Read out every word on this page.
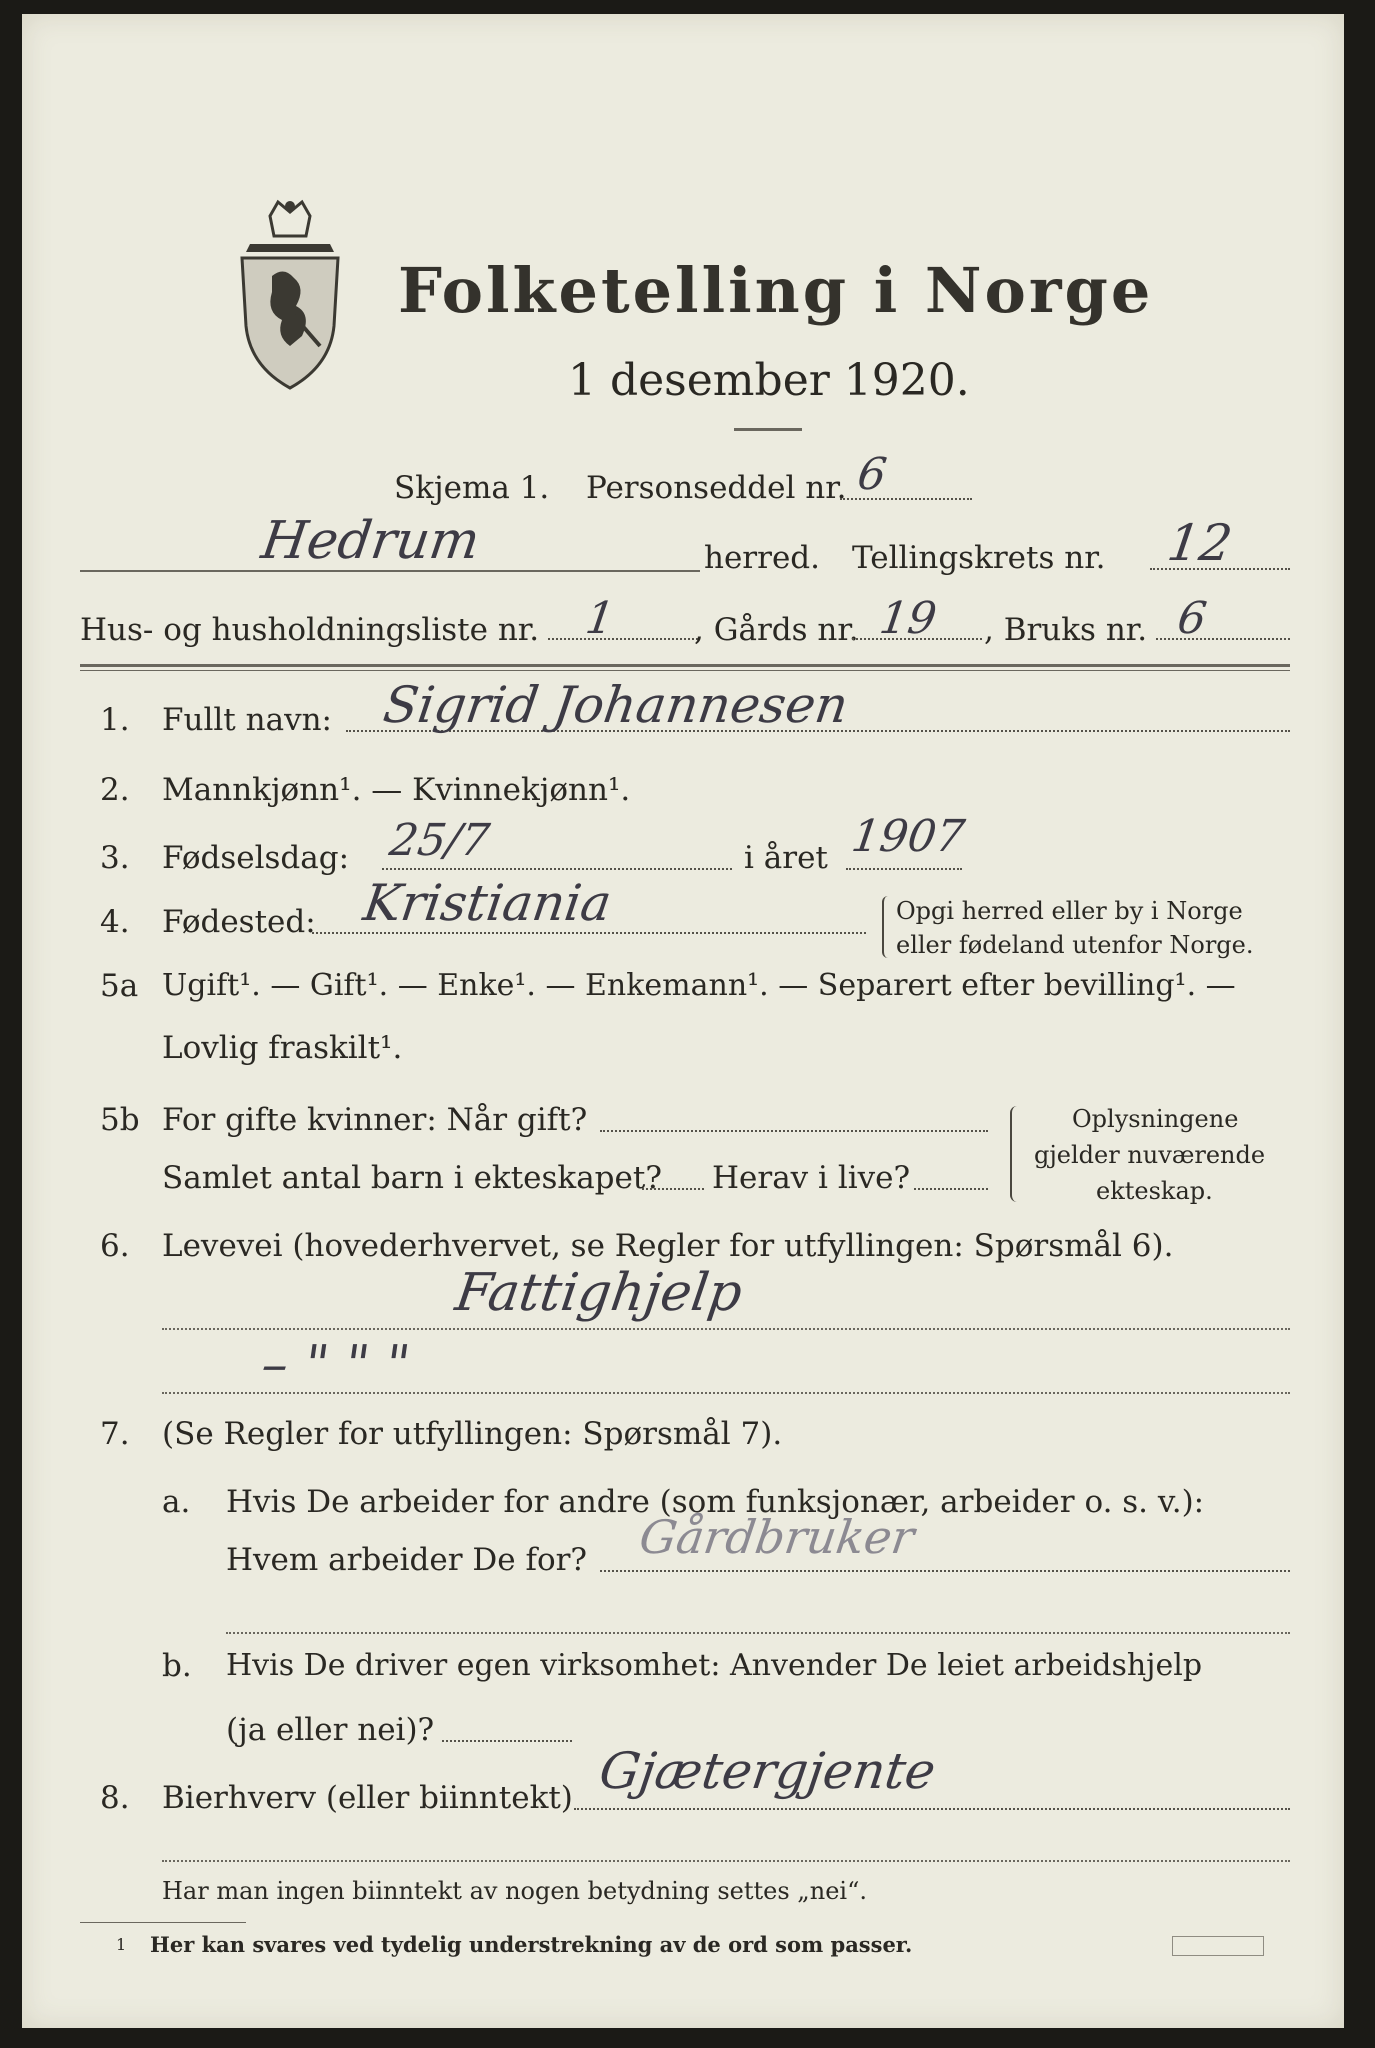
Folketelling i Norge
1 desember 1920.
Skjema 1. Personseddel nr. 6
Hedrum	herred. Tellingskrets nr. 12
Hus- og husholdningsliste nr. 1 , Gårds nr. 19 , Bruks nr. 6
1. Fullt navn: Sigrid Johannesen
2. Mannkjønn¹. — Kvinnekjønn¹.
3. Fødselsdag: 25/7	i året 1907
4. Fødested: Kristiania	Opgi herred eller by i Norge
eller fødeland utenfor Norge.
5a Ugift¹. — Gift¹. — Enke¹. — Enkemann¹. — Separert efter bevilling¹. —
Lovlig fraskilt¹.
5b For gifte kvinner: Når gift?
Samlet antal barn i ekteskapet? Herav i live?
Oplysningene
gjelder nuværende
ekteskap.
6. Levevei (hovederhvervet, se Regler for utfyllingen: Spørsmål 6).
Fattighjelp
– " " "
7. (Se Regler for utfyllingen: Spørsmål 7).
a. Hvis De arbeider for andre (som funksjonær, arbeider o. s. v.):
Hvem arbeider De for? Gårdbruker
b. Hvis De driver egen virksomhet: Anvender De leiet arbeidshjelp
(ja eller nei)?
8. Bierhverv (eller biinntekt) Gjætergjente
Har man ingen biinntekt av nogen betydning settes „nei“.
1 Her kan svares ved tydelig understrekning av de ord som passer.
